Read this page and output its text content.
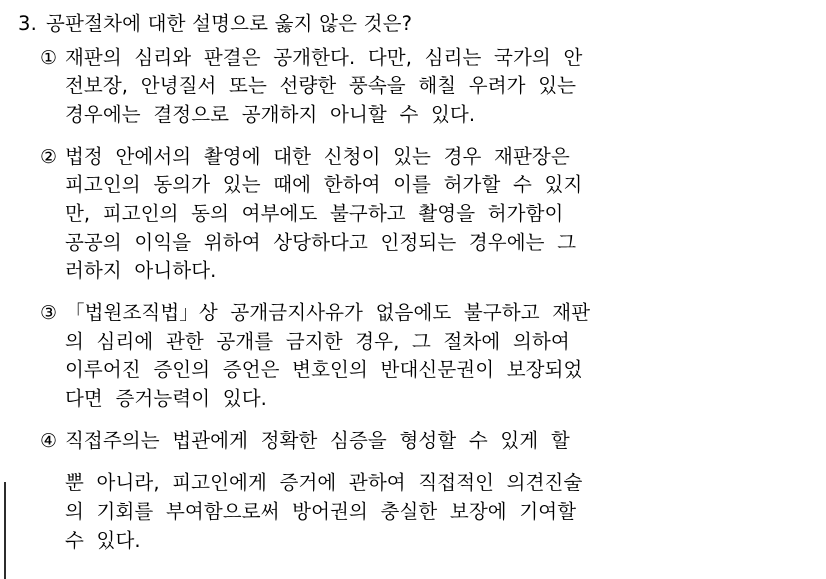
3. 공판절차에 대한 설명으로 옳지 않은 것은?
① 재판의  심리와  판결은  공개한다.  다만,  심리는  국가의  안
전보장,  안녕질서  또는  선량한  풍속을  해칠  우려가  있는
경우에는  결정으로  공개하지  아니할  수  있다.
② 법정  안에서의  촬영에  대한  신청이  있는  경우  재판장은
피고인의  동의가  있는  때에  한하여  이를  허가할  수  있지
만,  피고인의  동의  여부에도  불구하고  촬영을  허가함이
공공의  이익을  위하여  상당하다고  인정되는  경우에는  그
러하지  아니하다.
③ 「법원조직법」상  공개금지사유가  없음에도  불구하고  재판
의  심리에  관한  공개를  금지한  경우,  그  절차에  의하여
이루어진  증인의  증언은  변호인의  반대신문권이  보장되었
다면  증거능력이  있다.
④ 직접주의는  법관에게  정확한  심증을  형성할  수  있게  할
뿐  아니라,  피고인에게  증거에  관하여  직접적인  의견진술
의  기회를  부여함으로써  방어권의  충실한  보장에  기여할
수  있다.
